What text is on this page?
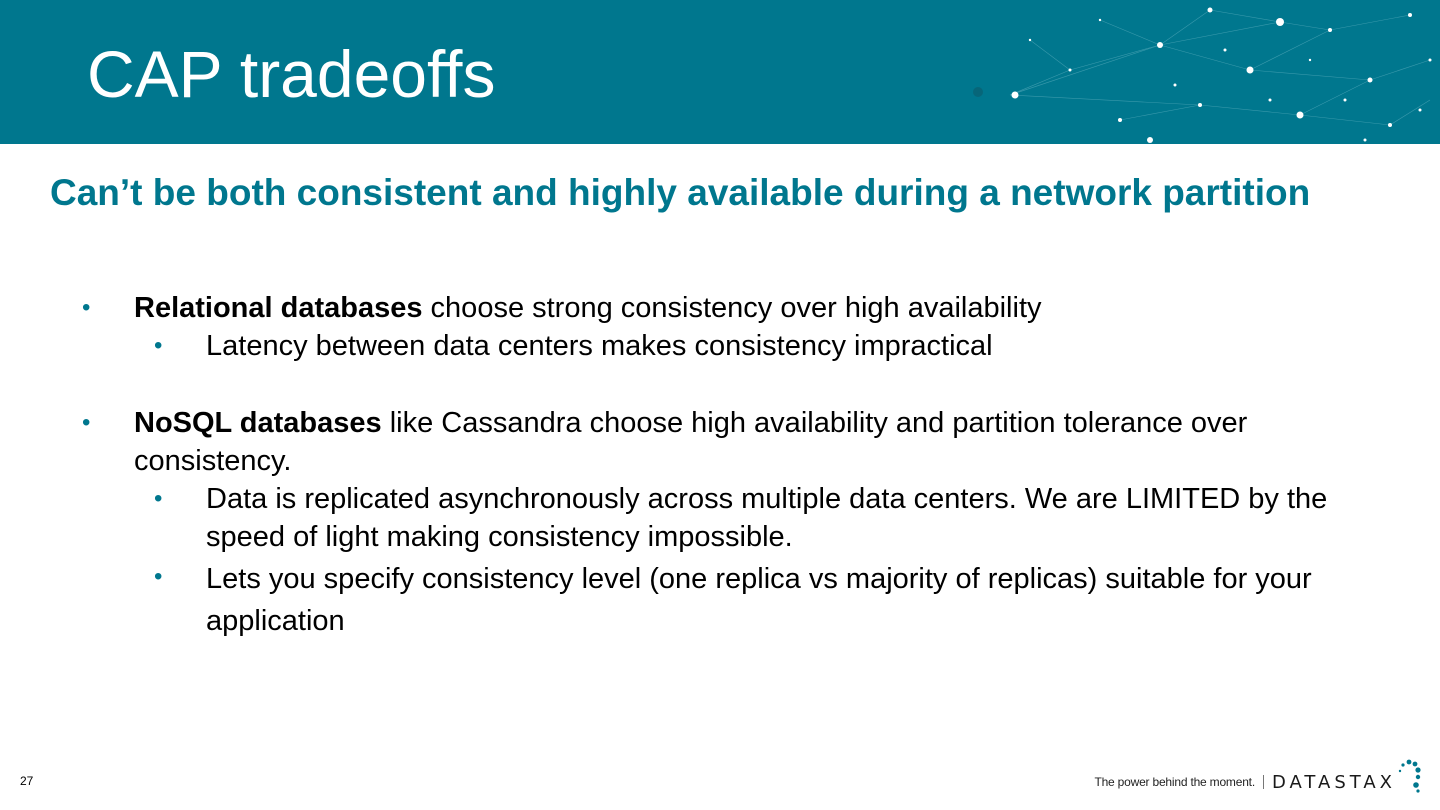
CAP tradeoffs
Can’t be both consistent and highly available during a network partition
• Relational databases choose strong consistency over high availability
• Latency between data centers makes consistency impractical
• NoSQL databases like Cassandra choose high availability and partition tolerance over consistency.
• Data is replicated asynchronously across multiple data centers. We are LIMITED by the speed of light making consistency impossible.
• Lets you specify consistency level (one replica vs majority of replicas) suitable for your application
27	The power behind the moment. DATASTAX
